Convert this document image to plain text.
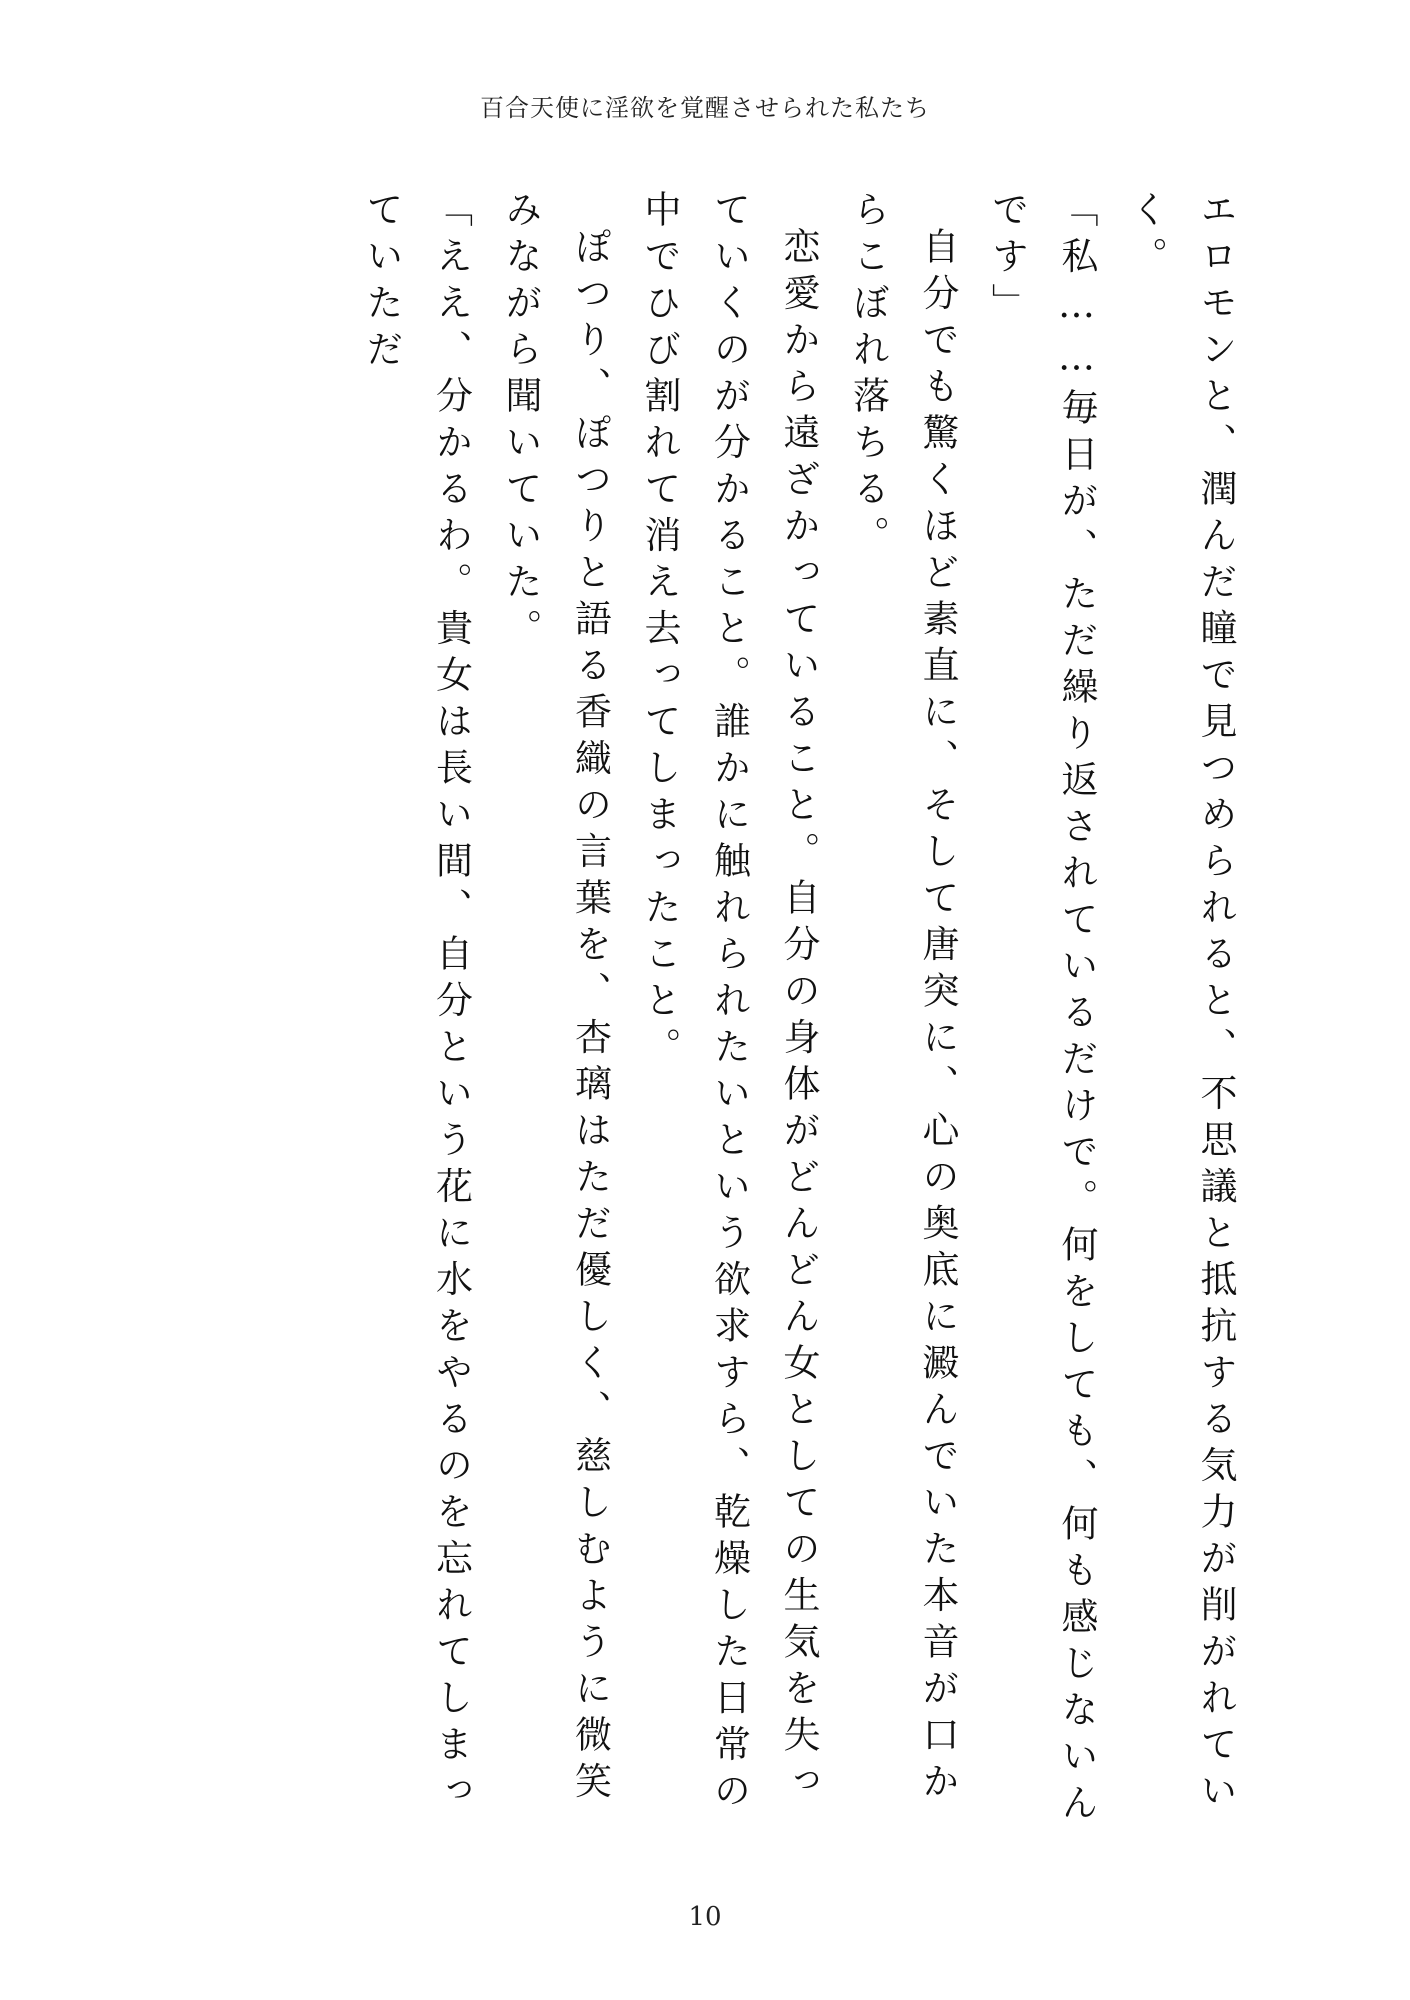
百合天使に淫欲を覚醒させられた私たち

エロモンと、潤んだ瞳で見つめられると、不思議と抵抗する気力が削がれていく。

「私……毎日が、ただ繰り返されているだけで。何をしても、何も感じないんです」

自分でも驚くほど素直に、そして唐突に、心の奥底に澱んでいた本音が口からこぼれ落ちる。

恋愛から遠ざかっていること。自分の身体がどんどん女としての生気を失っていくのが分かること。誰かに触れられたいという欲求すら、乾燥した日常の中でひび割れて消え去ってしまったこと。

ぽつり、ぽつりと語る香織の言葉を、杏璃はただ優しく、慈しむように微笑みながら聞いていた。

「ええ、分かるわ。貴女は長い間、自分という花に水をやるのを忘れてしまっていただ

10
